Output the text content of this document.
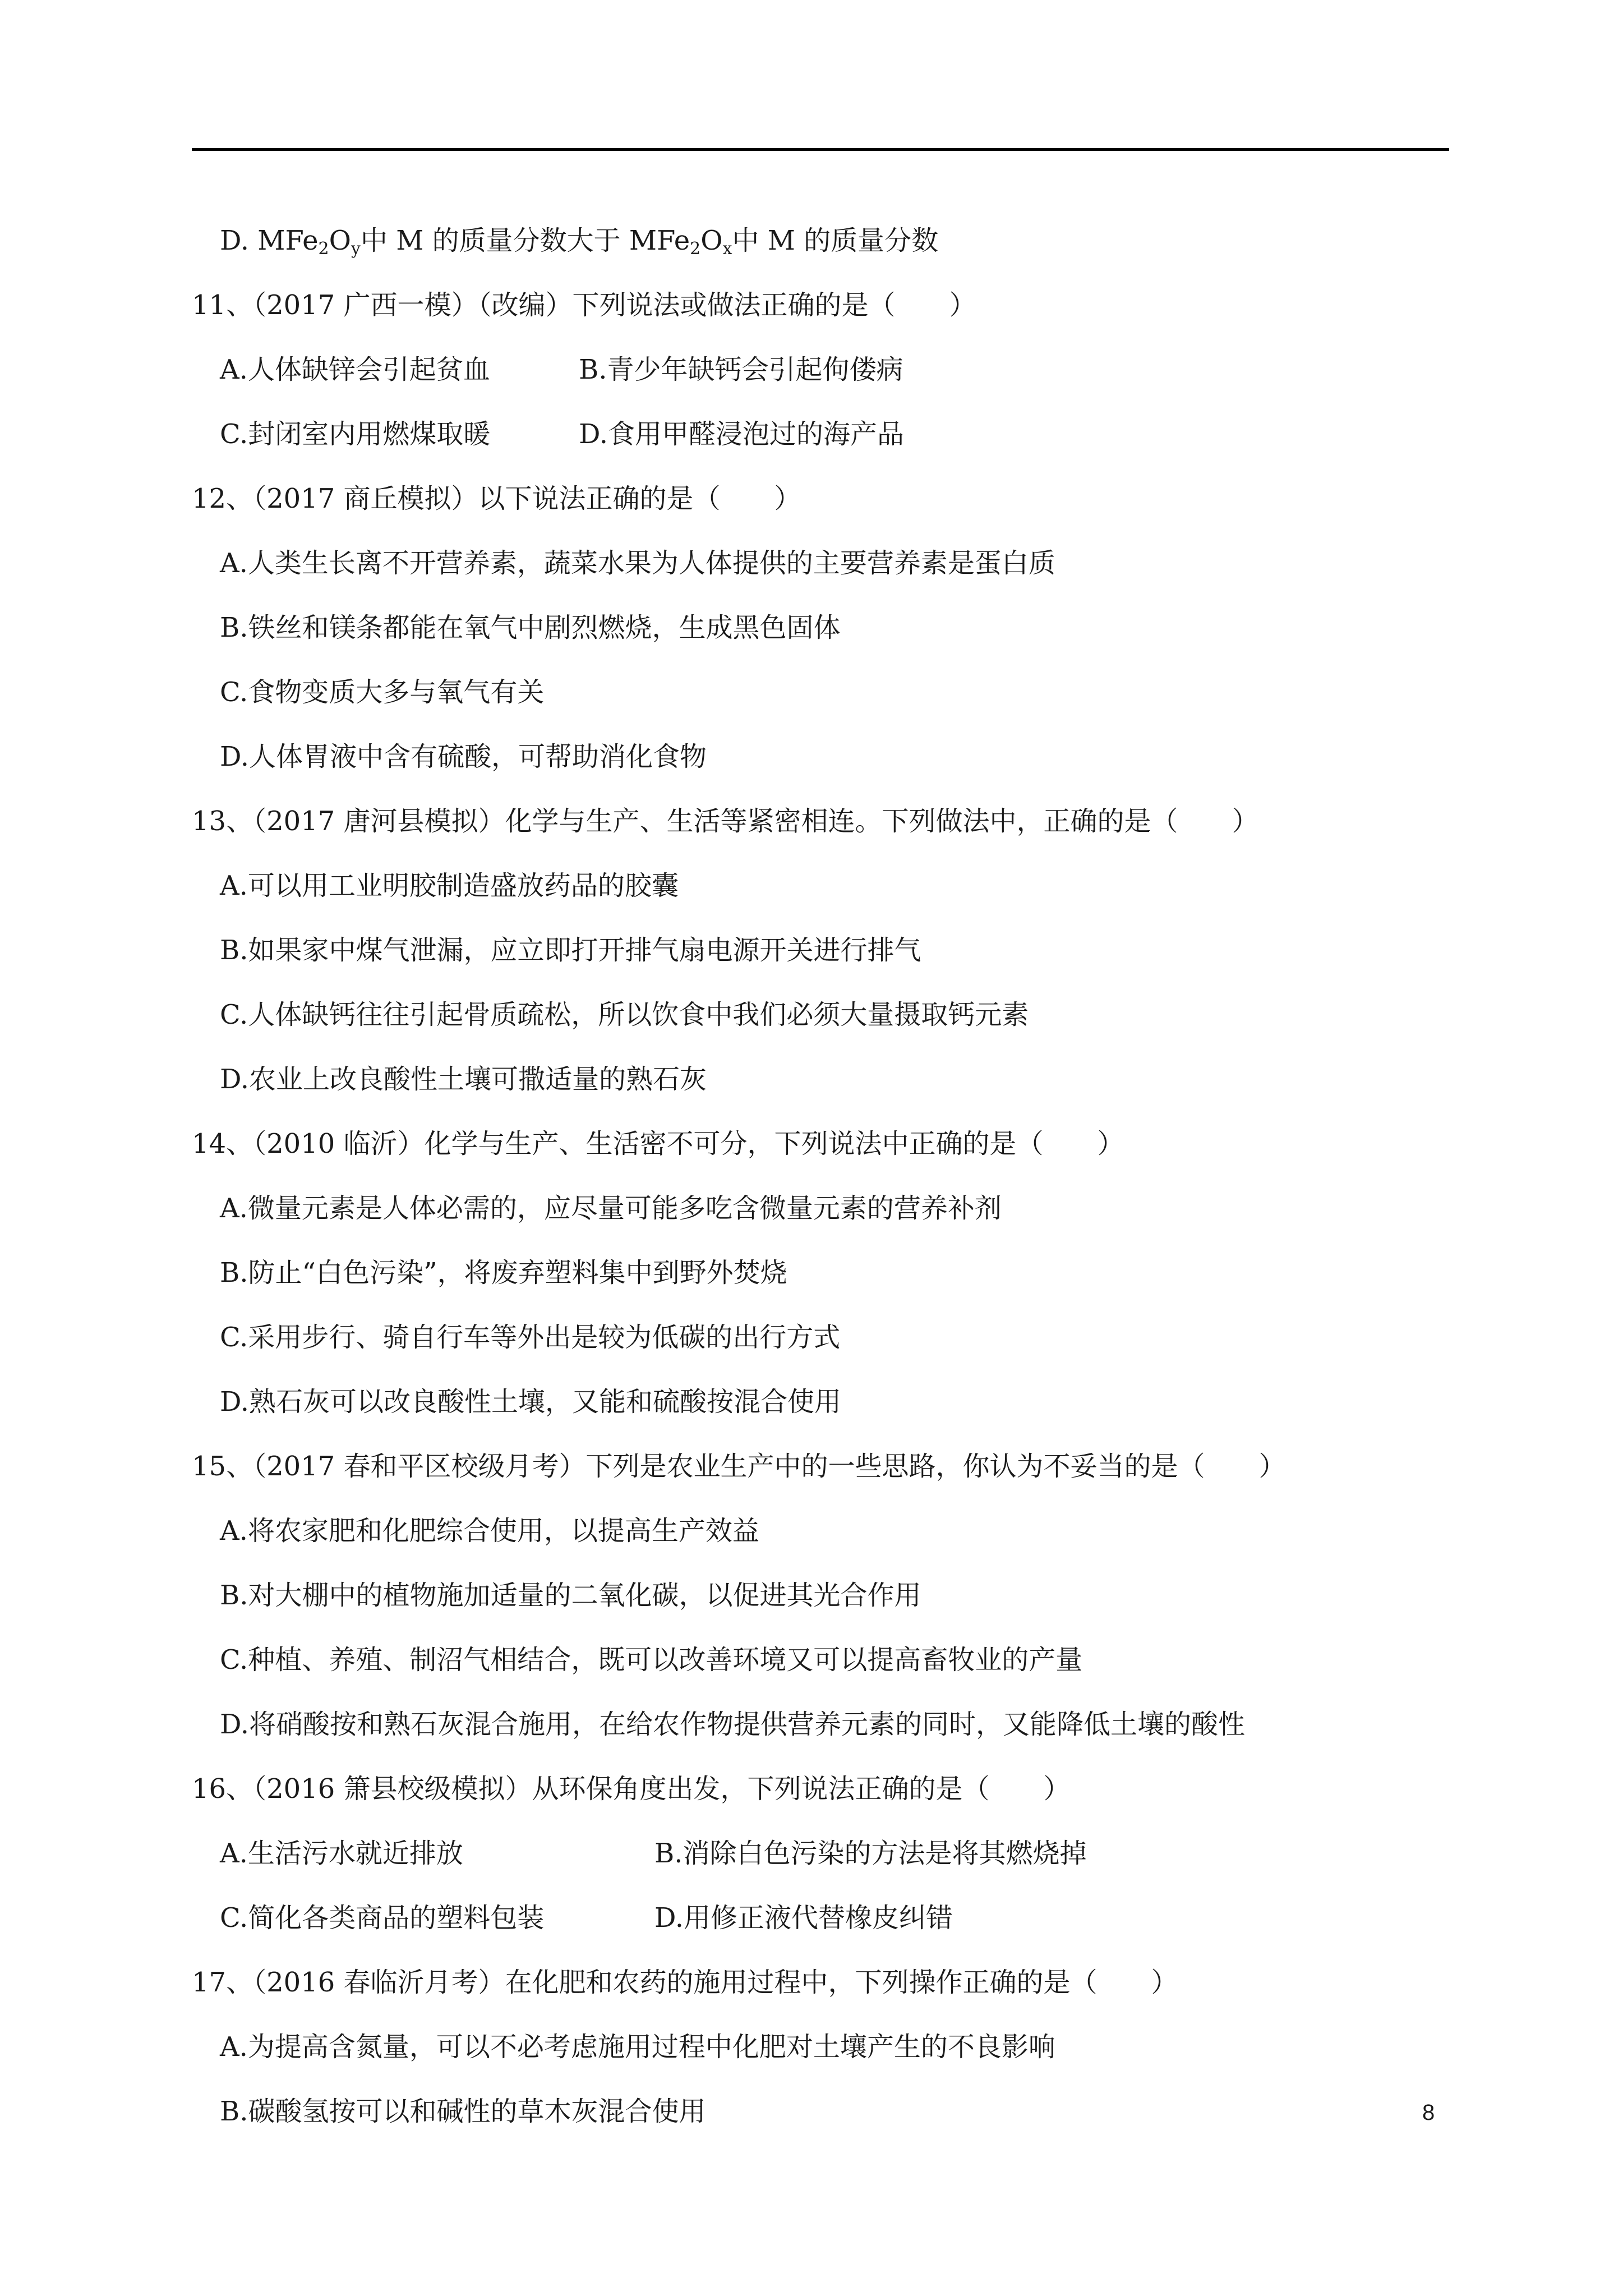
D. $MFe_2O_y$中 M 的质量分数大于 $MFe_2O_x$中 M 的质量分数
11、（2017 广西一模）（改编）下列说法或做法正确的是（　　）
A.人体缺锌会引起贫血	B.青少年缺钙会引起佝偻病
C.封闭室内用燃煤取暖	D.食用甲醛浸泡过的海产品
12、（2017 商丘模拟）以下说法正确的是（　　）
A.人类生长离不开营养素，蔬菜水果为人体提供的主要营养素是蛋白质
B.铁丝和镁条都能在氧气中剧烈燃烧，生成黑色固体
C.食物变质大多与氧气有关
D.人体胃液中含有硫酸，可帮助消化食物
13、（2017 唐河县模拟）化学与生产、生活等紧密相连。下列做法中，正确的是（　　）
A.可以用工业明胶制造盛放药品的胶囊
B.如果家中煤气泄漏，应立即打开排气扇电源开关进行排气
C.人体缺钙往往引起骨质疏松，所以饮食中我们必须大量摄取钙元素
D.农业上改良酸性土壤可撒适量的熟石灰
14、（2010 临沂）化学与生产、生活密不可分，下列说法中正确的是（　　）
A.微量元素是人体必需的，应尽量可能多吃含微量元素的营养补剂
B.防止“白色污染”，将废弃塑料集中到野外焚烧
C.采用步行、骑自行车等外出是较为低碳的出行方式
D.熟石灰可以改良酸性土壤，又能和硫酸按混合使用
15、（2017 春和平区校级月考）下列是农业生产中的一些思路，你认为不妥当的是（　　）
A.将农家肥和化肥综合使用，以提高生产效益
B.对大棚中的植物施加适量的二氧化碳，以促进其光合作用
C.种植、养殖、制沼气相结合，既可以改善环境又可以提高畜牧业的产量
D.将硝酸按和熟石灰混合施用，在给农作物提供营养元素的同时，又能降低土壤的酸性
16、（2016 箫县校级模拟）从环保角度出发，下列说法正确的是（　　）
A.生活污水就近排放	B.消除白色污染的方法是将其燃烧掉
C.简化各类商品的塑料包装	D.用修正液代替橡皮纠错
17、（2016 春临沂月考）在化肥和农药的施用过程中，下列操作正确的是（　　）
A.为提高含氮量，可以不必考虑施用过程中化肥对土壤产生的不良影响
B.碳酸氢按可以和碱性的草木灰混合使用	8
